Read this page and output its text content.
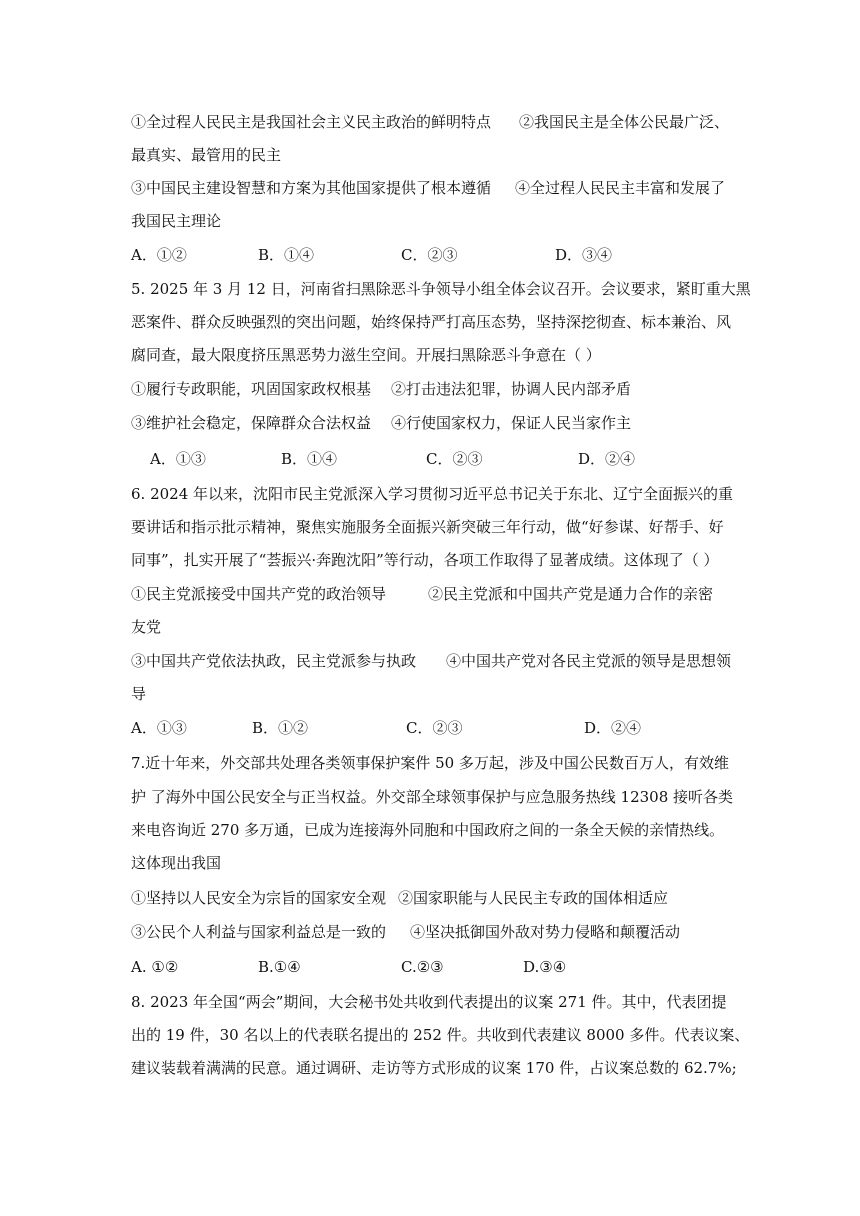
①全过程人民民主是我国社会主义民主政治的鲜明特点 ②我国民主是全体公民最广泛、
最真实、最管用的民主
③中国民主建设智慧和方案为其他国家提供了根本遵循 ④全过程人民民主丰富和发展了
我国民主理论
A．①②	B．①④	C．②③	D．③④
5. 2025 年 3 月 12 日，河南省扫黑除恶斗争领导小组全体会议召开。会议要求，紧盯重大黑
恶案件、群众反映强烈的突出问题，始终保持严打高压态势，坚持深挖彻查、标本兼治、风
腐同查，最大限度挤压黑恶势力滋生空间。开展扫黑除恶斗争意在（ ）
①履行专政职能，巩固国家政权根基 ②打击违法犯罪，协调人民内部矛盾
③维护社会稳定，保障群众合法权益 ④行使国家权力，保证人民当家作主
A．①③	B．①④	C．②③	D．②④
6. 2024 年以来，沈阳市民主党派深入学习贯彻习近平总书记关于东北、辽宁全面振兴的重
要讲话和指示批示精神，聚焦实施服务全面振兴新突破三年行动，做“好参谋、好帮手、好
同事”，扎实开展了“荟振兴·奔跑沈阳”等行动，各项工作取得了显著成绩。这体现了（ ）
①民主党派接受中国共产党的政治领导	②民主党派和中国共产党是通力合作的亲密
友党
③中国共产党依法执政，民主党派参与执政 ④中国共产党对各民主党派的领导是思想领
导
A．①③	B．①②	C．②③	D．②④
7.近十年来，外交部共处理各类领事保护案件 50 多万起，涉及中国公民数百万人，有效维
护 了海外中国公民安全与正当权益。外交部全球领事保护与应急服务热线 12308 接听各类
来电咨询近 270 多万通，已成为连接海外同胞和中国政府之间的一条全天候的亲情热线。
这体现出我国
①坚持以人民安全为宗旨的国家安全观 ②国家职能与人民民主专政的国体相适应
③公民个人利益与国家利益总是一致的 ④坚决抵御国外敌对势力侵略和颠覆活动
A. ①②	B.①④	C.②③	D.③④
8. 2023 年全国“两会”期间，大会秘书处共收到代表提出的议案 271 件。其中，代表团提
出的 19 件，30 名以上的代表联名提出的 252 件。共收到代表建议 8000 多件。代表议案、
建议装载着满满的民意。通过调研、走访等方式形成的议案 170 件，占议案总数的 62.7%;
